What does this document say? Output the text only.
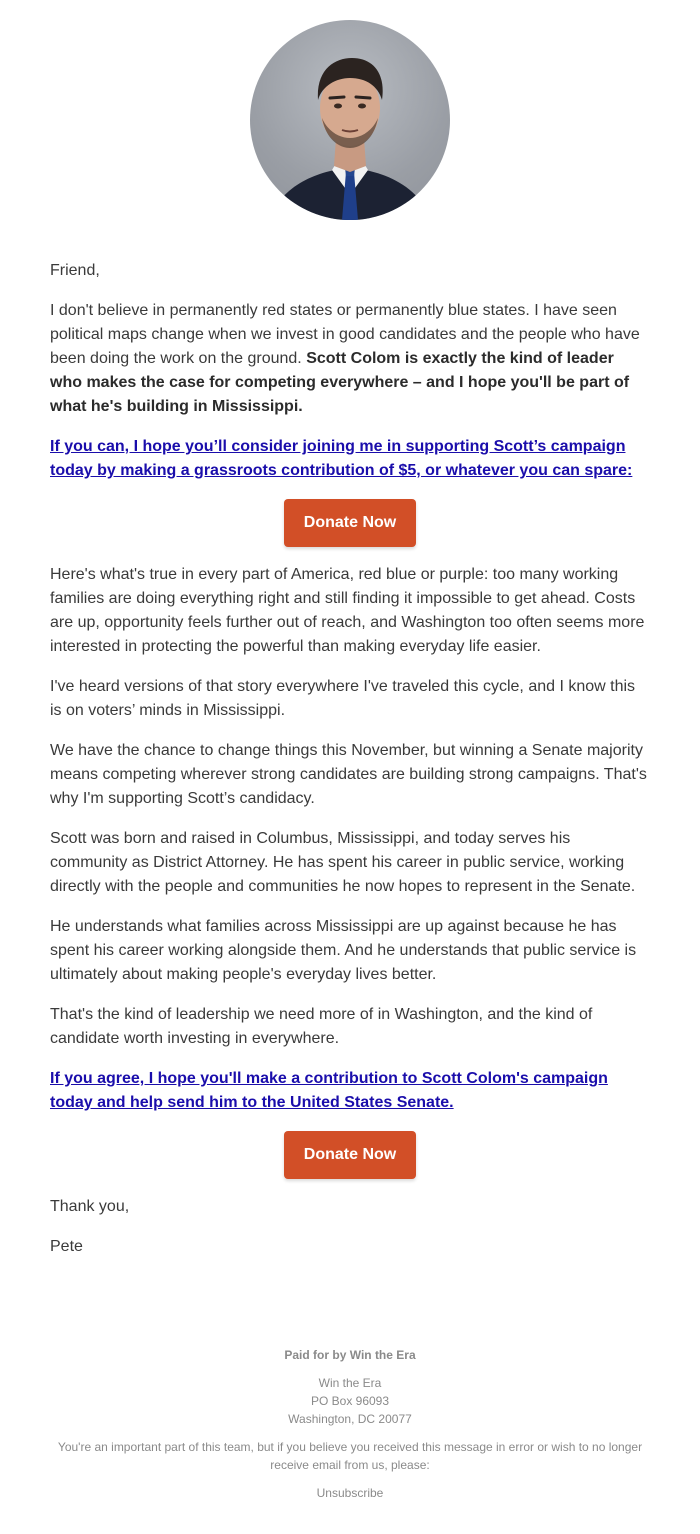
Friend,

I don't believe in permanently red states or permanently blue states. I have seen political maps change when we invest in good candidates and the people who have been doing the work on the ground. Scott Colom is exactly the kind of leader who makes the case for competing everywhere – and I hope you'll be part of what he's building in Mississippi.

If you can, I hope you’ll consider joining me in supporting Scott’s campaign today by making a grassroots contribution of $5, or whatever you can spare:

Donate Now

Here's what's true in every part of America, red blue or purple: too many working families are doing everything right and still finding it impossible to get ahead. Costs are up, opportunity feels further out of reach, and Washington too often seems more interested in protecting the powerful than making everyday life easier.

I've heard versions of that story everywhere I've traveled this cycle, and I know this is on voters’ minds in Mississippi.

We have the chance to change things this November, but winning a Senate majority means competing wherever strong candidates are building strong campaigns. That's why I'm supporting Scott’s candidacy.

Scott was born and raised in Columbus, Mississippi, and today serves his community as District Attorney. He has spent his career in public service, working directly with the people and communities he now hopes to represent in the Senate.

He understands what families across Mississippi are up against because he has spent his career working alongside them. And he understands that public service is ultimately about making people's everyday lives better.

That's the kind of leadership we need more of in Washington, and the kind of candidate worth investing in everywhere.

If you agree, I hope you'll make a contribution to Scott Colom's campaign today and help send him to the United States Senate.

Donate Now

Thank you,

Pete

Paid for by Win the Era
Win the Era
PO Box 96093
Washington, DC 20077
You're an important part of this team, but if you believe you received this message in error or wish to no longer receive email from us, please:
Unsubscribe
